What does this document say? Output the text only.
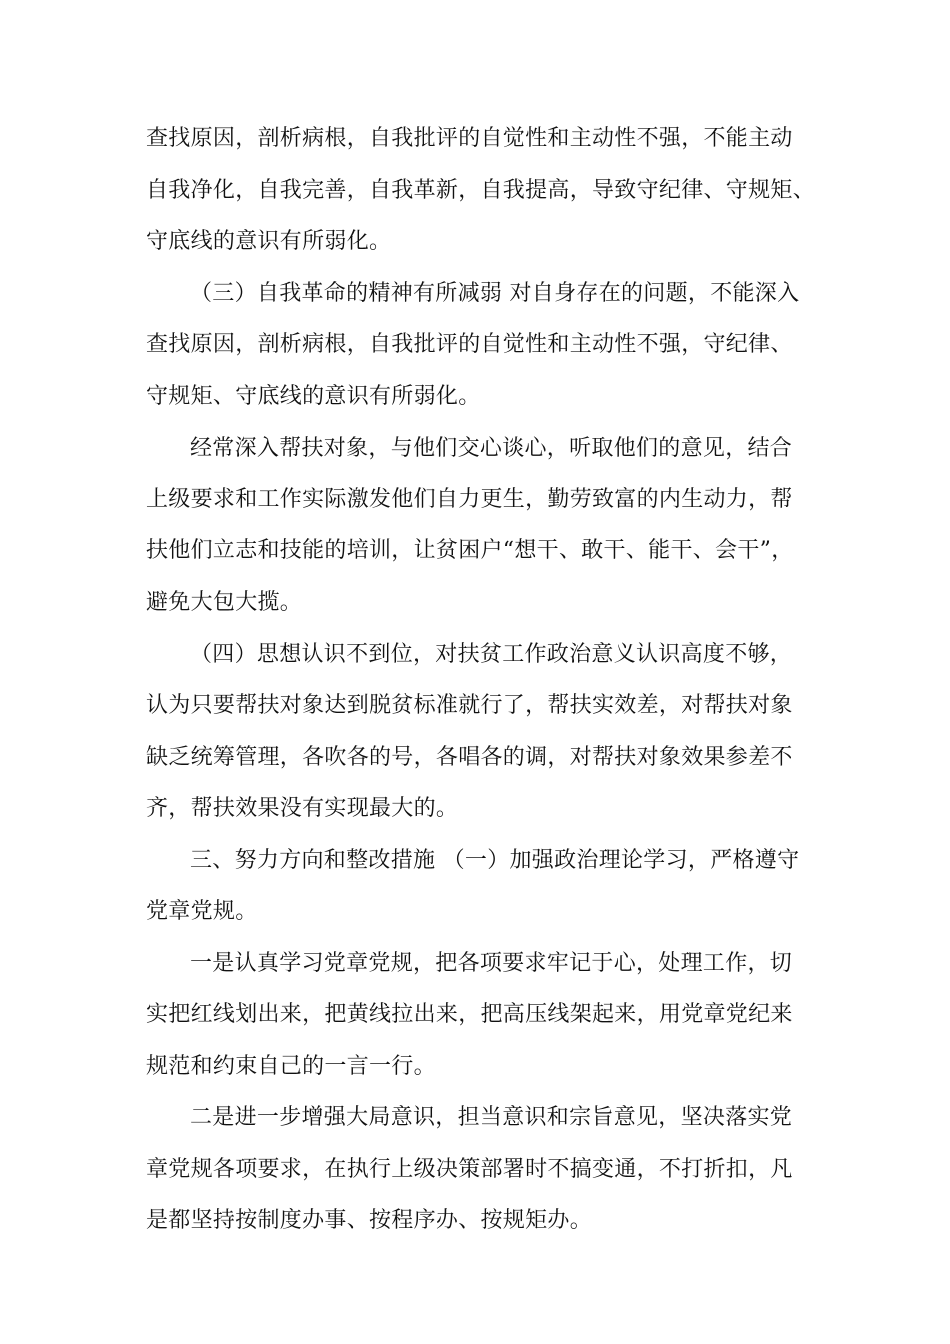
查找原因，剖析病根，自我批评的自觉性和主动性不强，不能主动
自我净化，自我完善，自我革新，自我提高，导致守纪律、守规矩、
守底线的意识有所弱化。
（三）自我革命的精神有所减弱 对自身存在的问题，不能深入
查找原因，剖析病根，自我批评的自觉性和主动性不强，守纪律、
守规矩、守底线的意识有所弱化。
经常深入帮扶对象，与他们交心谈心，听取他们的意见，结合
上级要求和工作实际激发他们自力更生，勤劳致富的内生动力，帮
扶他们立志和技能的培训，让贫困户“想干、敢干、能干、会干”，
避免大包大揽。
（四）思想认识不到位，对扶贫工作政治意义认识高度不够，
认为只要帮扶对象达到脱贫标准就行了，帮扶实效差，对帮扶对象
缺乏统筹管理，各吹各的号，各唱各的调，对帮扶对象效果参差不
齐，帮扶效果没有实现最大的。
三、努力方向和整改措施 （一）加强政治理论学习，严格遵守
党章党规。
一是认真学习党章党规，把各项要求牢记于心，处理工作，切
实把红线划出来，把黄线拉出来，把高压线架起来，用党章党纪来
规范和约束自己的一言一行。
二是进一步增强大局意识，担当意识和宗旨意见，坚决落实党
章党规各项要求，在执行上级决策部署时不搞变通，不打折扣，凡
是都坚持按制度办事、按程序办、按规矩办。
